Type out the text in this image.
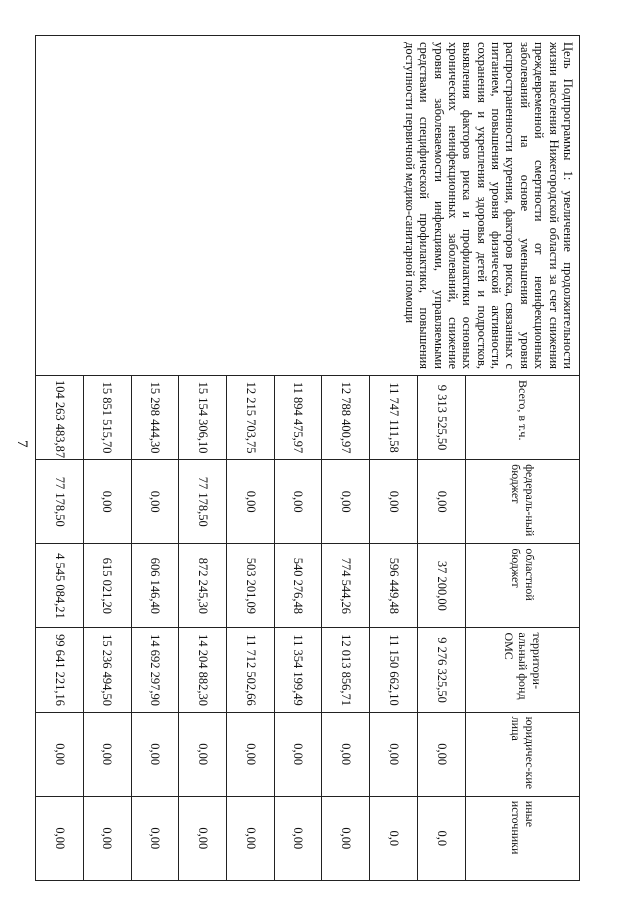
7
Цель Подпрограммы 1: увеличение продолжительности жизни населения Нижегородской области за счет снижения преждевременной смертности от неинфекционных заболеваний на основе уменьшения уровня распространенности курения, факторов риска, связанных с питанием, повышения уровня физической активности, сохранения и укрепления здоровья детей и подростков, выявления факторов риска и профилактики основных хронических неинфекционных заболеваний, снижение уровня заболеваемости инфекциями, управляемыми средствами специфической профилактики, повышения доступности первичной медико-санитарной помощи	Всего, в т.ч.	федераль-ный бюджет	областной бюджет	территори-альный фонд ОМС	юридичес-кие лица	иные источники
	9 313 525,50	0,00	37 200,00	9 276 325,50	0,00	0,0
	11 747 111,58	0,00	596 449,48	11 150 662,10	0,00	0,0
	12 788 400,97	0,00	774 544,26	12 013 856,71	0,00	0,00
	11 894 475,97	0,00	540 276,48	11 354 199,49	0,00	0,00
	12 215 703,75	0,00	503 201,09	11 712 502,66	0,00	0,00
	15 154 306,10	77 178,50	872 245,30	14 204 882,30	0,00	0,00
	15 298 444,30	0,00	606 146,40	14 692 297,90	0,00	0,00
	15 851 515,70	0,00	615 021,20	15 236 494,50	0,00	0,00
	104 263 483,87	77 178,50	4 545 084,21	99 641 221,16	0,00	0,00
